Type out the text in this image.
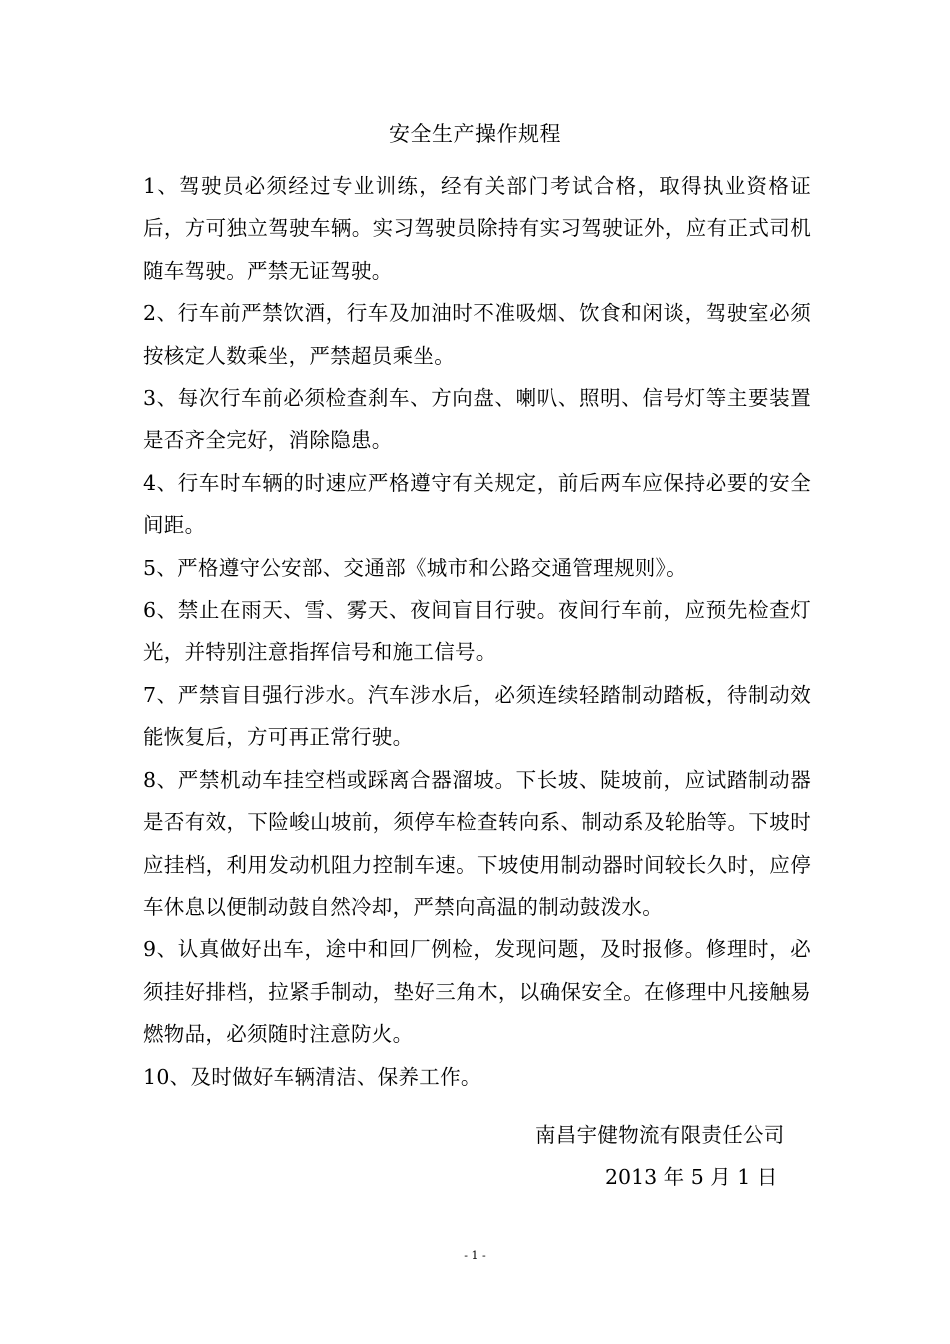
安全生产操作规程

1、驾驶员必须经过专业训练，经有关部门考试合格，取得执业资格证后，方可独立驾驶车辆。实习驾驶员除持有实习驾驶证外，应有正式司机随车驾驶。严禁无证驾驶。

2、行车前严禁饮酒，行车及加油时不准吸烟、饮食和闲谈，驾驶室必须按核定人数乘坐，严禁超员乘坐。

3、每次行车前必须检查刹车、方向盘、喇叭、照明、信号灯等主要装置是否齐全完好，消除隐患。

4、行车时车辆的时速应严格遵守有关规定，前后两车应保持必要的安全间距。

5、严格遵守公安部、交通部《城市和公路交通管理规则》。

6、禁止在雨天、雪、雾天、夜间盲目行驶。夜间行车前，应预先检查灯光，并特别注意指挥信号和施工信号。

7、严禁盲目强行涉水。汽车涉水后，必须连续轻踏制动踏板，待制动效能恢复后，方可再正常行驶。

8、严禁机动车挂空档或踩离合器溜坡。下长坡、陡坡前，应试踏制动器是否有效，下险峻山坡前，须停车检查转向系、制动系及轮胎等。下坡时应挂档，利用发动机阻力控制车速。下坡使用制动器时间较长久时，应停车休息以便制动鼓自然冷却，严禁向高温的制动鼓泼水。

9、认真做好出车，途中和回厂例检，发现问题，及时报修。修理时，必须挂好排档，拉紧手制动，垫好三角木，以确保安全。在修理中凡接触易燃物品，必须随时注意防火。

10、及时做好车辆清洁、保养工作。

南昌宇健物流有限责任公司
2013 年 5 月 1 日
- 1 -
